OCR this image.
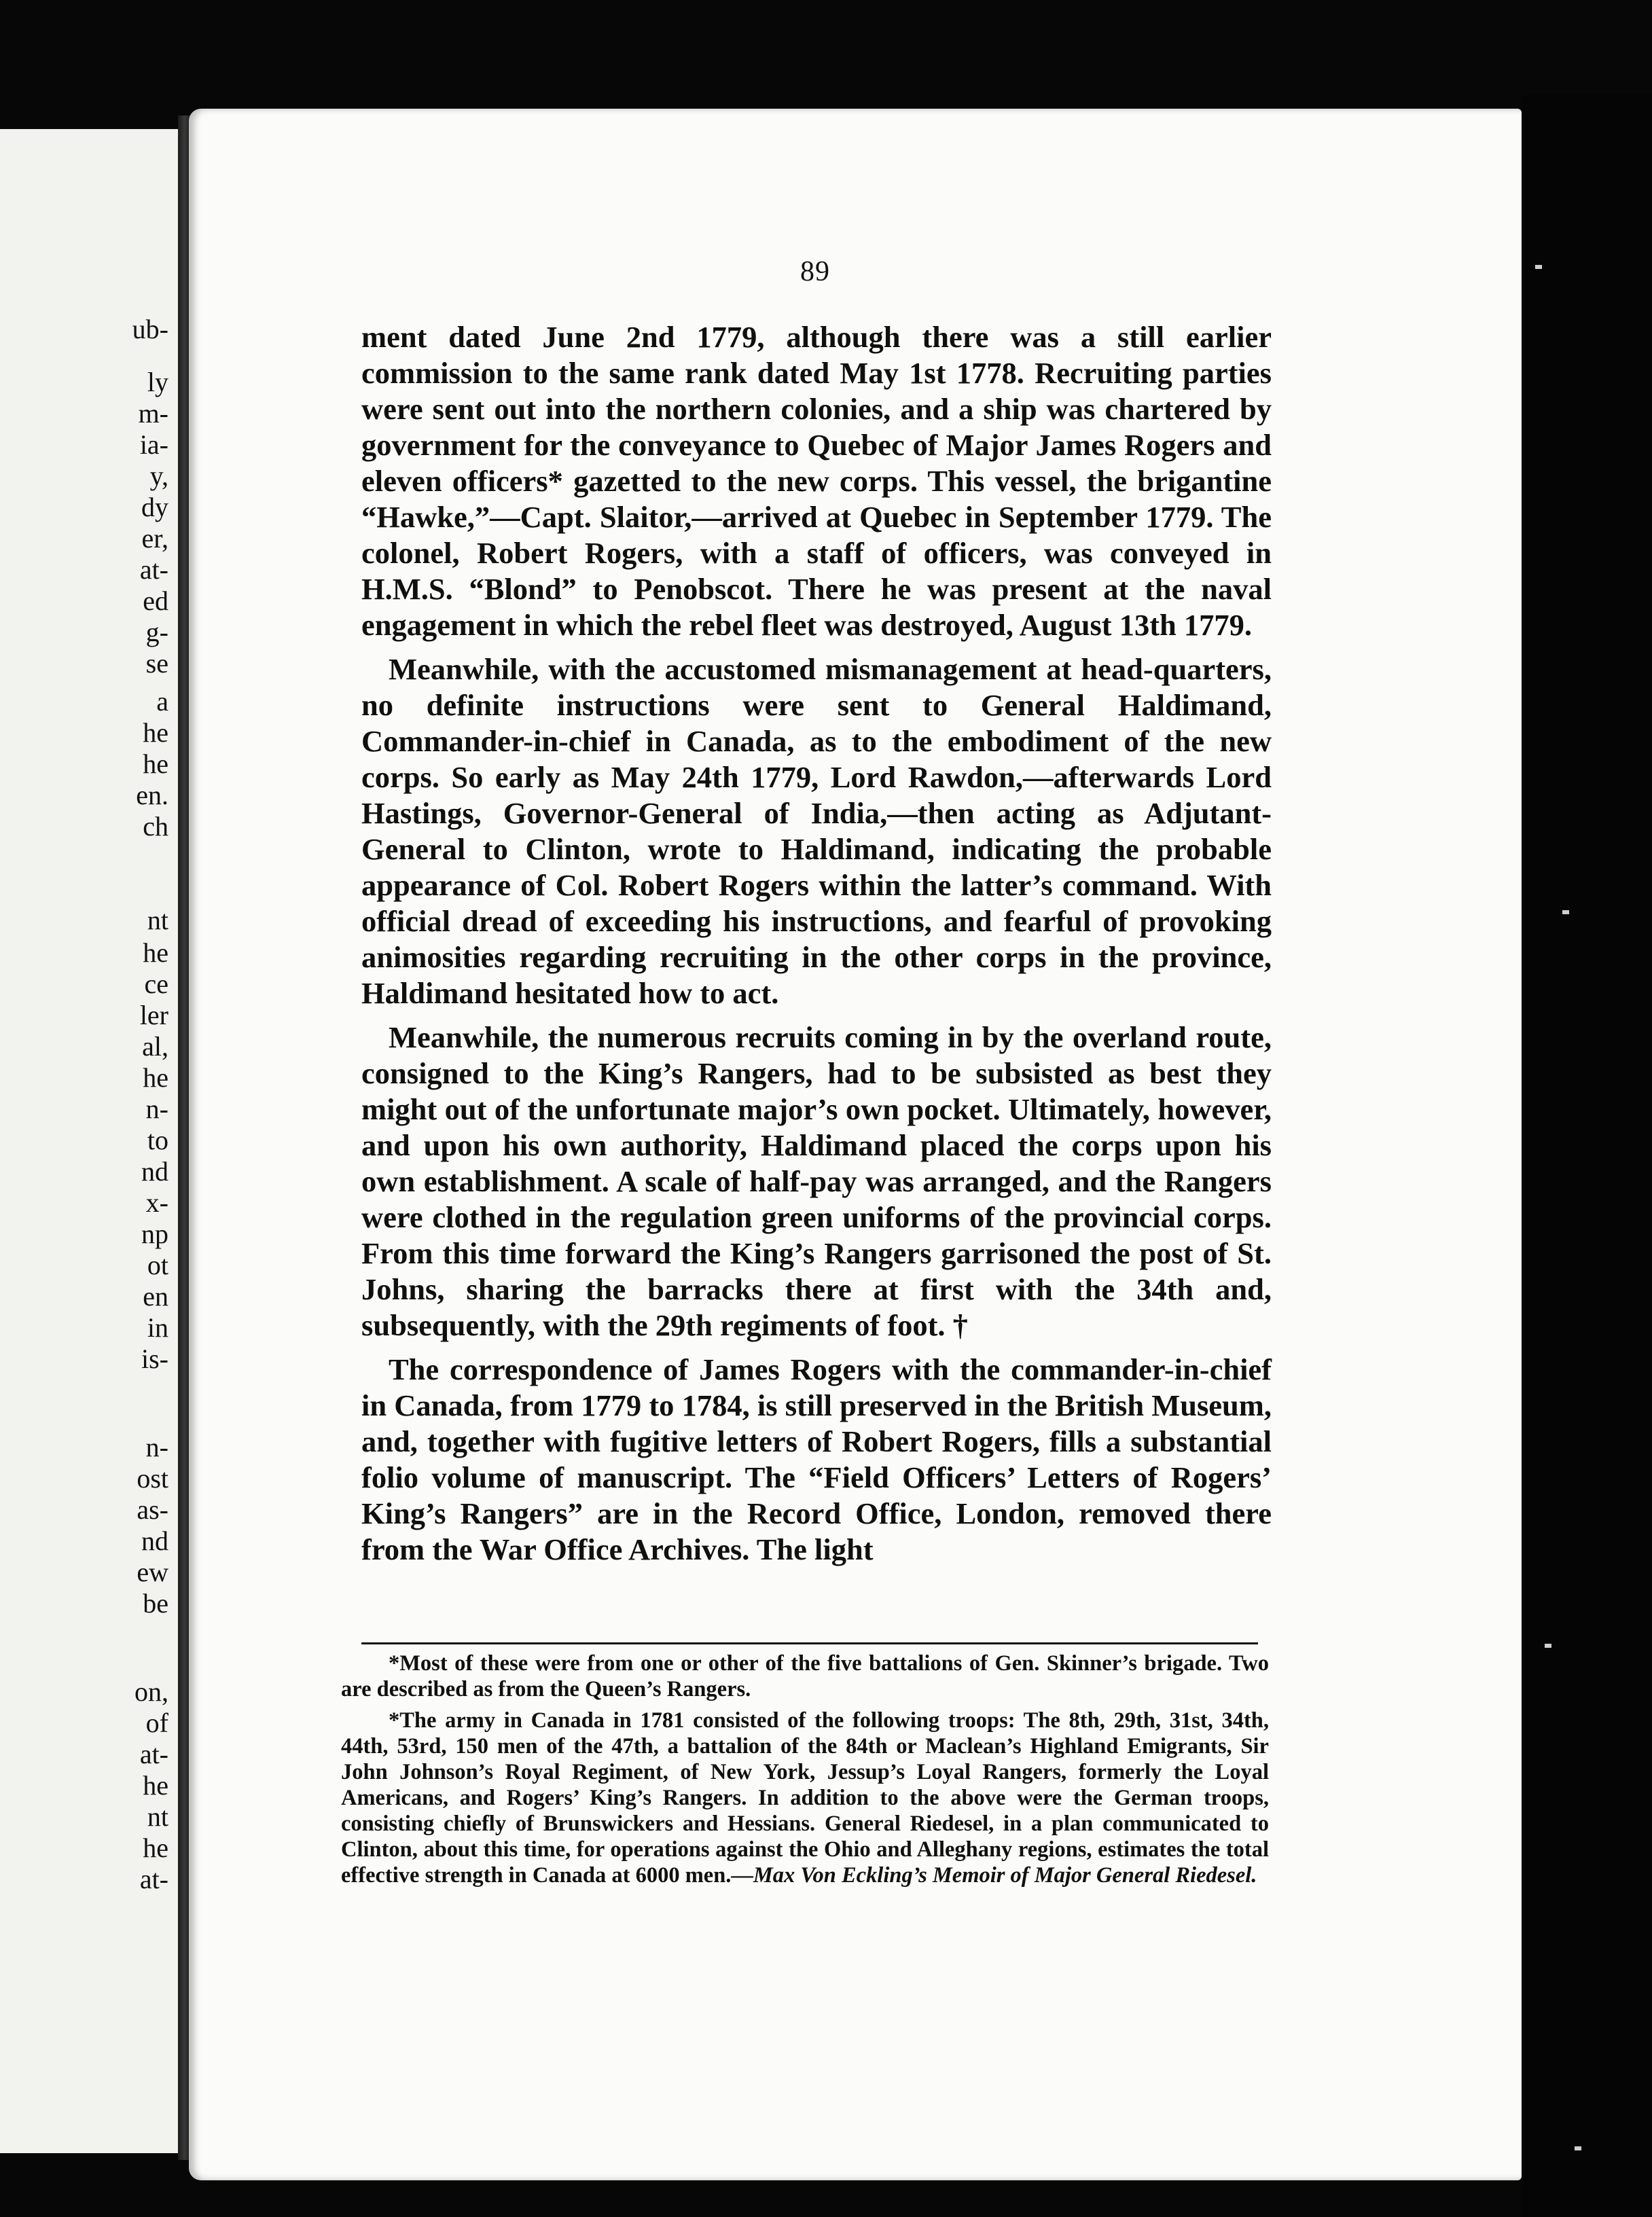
ub-
ly
m-
ia-
y,
dy
er,
at-
ed
g-
se
a
he
he
en.
ch
nt
he
ce
ler
al,
he
n-
to
nd
x-
np
ot
en
in
is-
n-
ost
as-
nd
ew
be
on,
of
at-
he
nt
he
at-
89

ment dated June 2nd 1779, although there was a still earlier commission to the same rank dated May 1st 1778. Recruiting parties were sent out into the northern colonies, and a ship was chartered by government for the conveyance to Quebec of Major James Rogers and eleven officers* gazetted to the new corps. This vessel, the brigantine “Hawke,”—Capt. Slaitor,—arrived at Quebec in September 1779. The colonel, Robert Rogers, with a staff of officers, was conveyed in H.M.S. “Blond” to Penobscot. There he was present at the naval engagement in which the rebel fleet was destroyed, August 13th 1779.

Meanwhile, with the accustomed mismanagement at head-quarters, no definite instructions were sent to General Haldimand, Commander-in-chief in Canada, as to the embodiment of the new corps. So early as May 24th 1779, Lord Rawdon,—afterwards Lord Hastings, Governor-General of India,—then acting as Adjutant-General to Clinton, wrote to Haldimand, indicating the probable appearance of Col. Robert Rogers within the latter’s command. With official dread of exceeding his instructions, and fearful of provoking animosities regarding recruiting in the other corps in the province, Haldimand hesitated how to act.

Meanwhile, the numerous recruits coming in by the overland route, consigned to the King’s Rangers, had to be subsisted as best they might out of the unfortunate major’s own pocket. Ultimately, however, and upon his own authority, Haldimand placed the corps upon his own establishment. A scale of half-pay was arranged, and the Rangers were clothed in the regulation green uniforms of the provincial corps. From this time forward the King’s Rangers garrisoned the post of St. Johns, sharing the barracks there at first with the 34th and, subsequently, with the 29th regiments of foot. †

The correspondence of James Rogers with the commander-in-chief in Canada, from 1779 to 1784, is still preserved in the British Museum, and, together with fugitive letters of Robert Rogers, fills a substantial folio volume of manuscript. The “Field Officers’ Letters of Rogers’ King’s Rangers” are in the Record Office, London, removed there from the War Office Archives. The light

*Most of these were from one or other of the five battalions of Gen. Skinner’s brigade. Two are described as from the Queen’s Rangers.

*The army in Canada in 1781 consisted of the following troops: The 8th, 29th, 31st, 34th, 44th, 53rd, 150 men of the 47th, a battalion of the 84th or Maclean’s Highland Emigrants, Sir John Johnson’s Royal Regiment, of New York, Jessup’s Loyal Rangers, formerly the Loyal Americans, and Rogers’ King’s Rangers. In addition to the above were the German troops, consisting chiefly of Brunswickers and Hessians. General Riedesel, in a plan communicated to Clinton, about this time, for operations against the Ohio and Alleghany regions, estimates the total effective strength in Canada at 6000 men.—Max Von Eckling’s Memoir of Major General Riedesel.
